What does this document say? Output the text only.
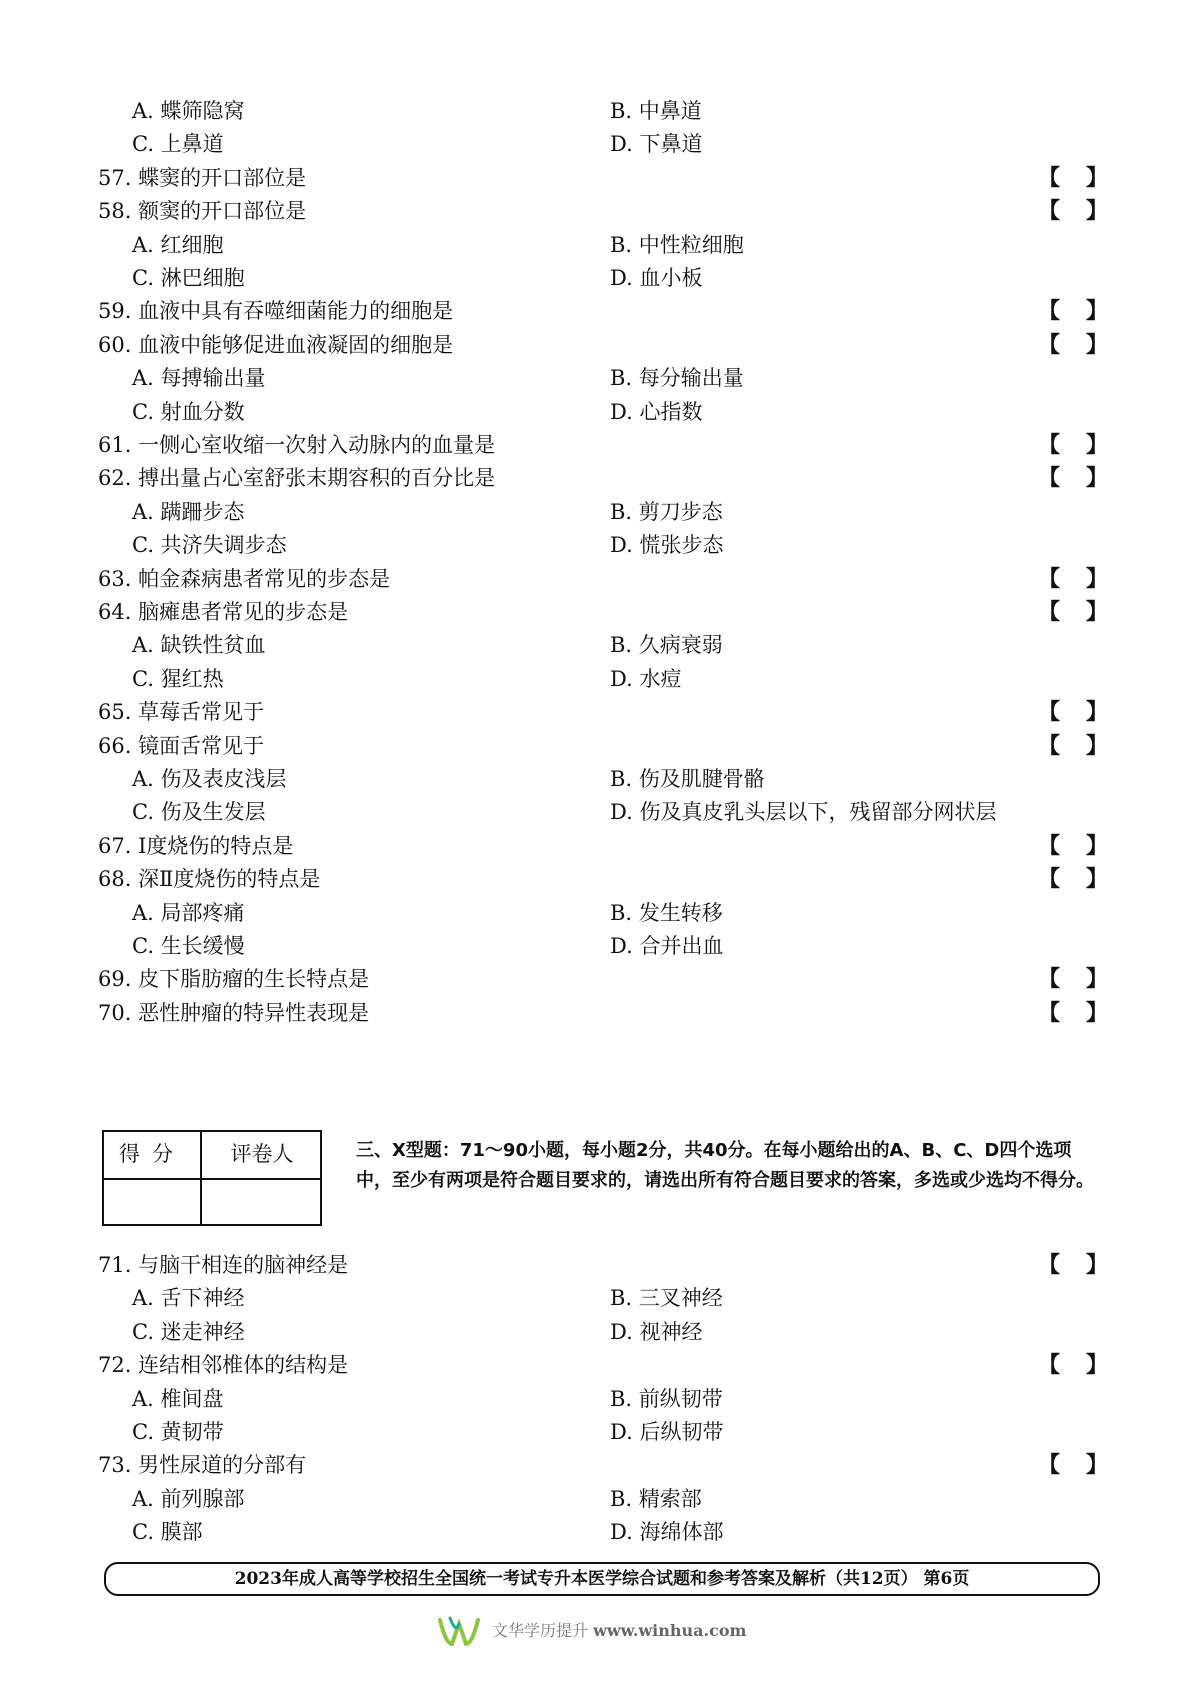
A. 蝶筛隐窝	B. 中鼻道
C. 上鼻道	D. 下鼻道
57. 蝶窦的开口部位是	【 】
58. 额窦的开口部位是	【 】
A. 红细胞	B. 中性粒细胞
C. 淋巴细胞	D. 血小板
59. 血液中具有吞噬细菌能力的细胞是	【 】
60. 血液中能够促进血液凝固的细胞是	【 】
A. 每搏输出量	B. 每分输出量
C. 射血分数	D. 心指数
61. 一侧心室收缩一次射入动脉内的血量是	【 】
62. 搏出量占心室舒张末期容积的百分比是	【 】
A. 蹒跚步态	B. 剪刀步态
C. 共济失调步态	D. 慌张步态
63. 帕金森病患者常见的步态是	【 】
64. 脑瘫患者常见的步态是	【 】
A. 缺铁性贫血	B. 久病衰弱
C. 猩红热	D. 水痘
65. 草莓舌常见于	【 】
66. 镜面舌常见于	【 】
A. 伤及表皮浅层	B. 伤及肌腱骨骼
C. 伤及生发层	D. 伤及真皮乳头层以下，残留部分网状层
67. Ⅰ度烧伤的特点是	【 】
68. 深Ⅱ度烧伤的特点是	【 】
A. 局部疼痛	B. 发生转移
C. 生长缓慢	D. 合并出血
69. 皮下脂肪瘤的生长特点是	【 】
70. 恶性肿瘤的特异性表现是	【 】
得分	评卷人	三、X型题：71～90小题，每小题2分，共40分。在每小题给出的A、B、C、D四个选项中，至少有两项是符合题目要求的，请选出所有符合题目要求的答案，多选或少选均不得分。
71. 与脑干相连的脑神经是	【 】
A. 舌下神经	B. 三叉神经
C. 迷走神经	D. 视神经
72. 连结相邻椎体的结构是	【 】
A. 椎间盘	B. 前纵韧带
C. 黄韧带	D. 后纵韧带
73. 男性尿道的分部有	【 】
A. 前列腺部	B. 精索部
C. 膜部	D. 海绵体部
2023年成人高等学校招生全国统一考试专升本医学综合试题和参考答案及解析（共12页） 第6页
文华学历提升 www.winhua.com
